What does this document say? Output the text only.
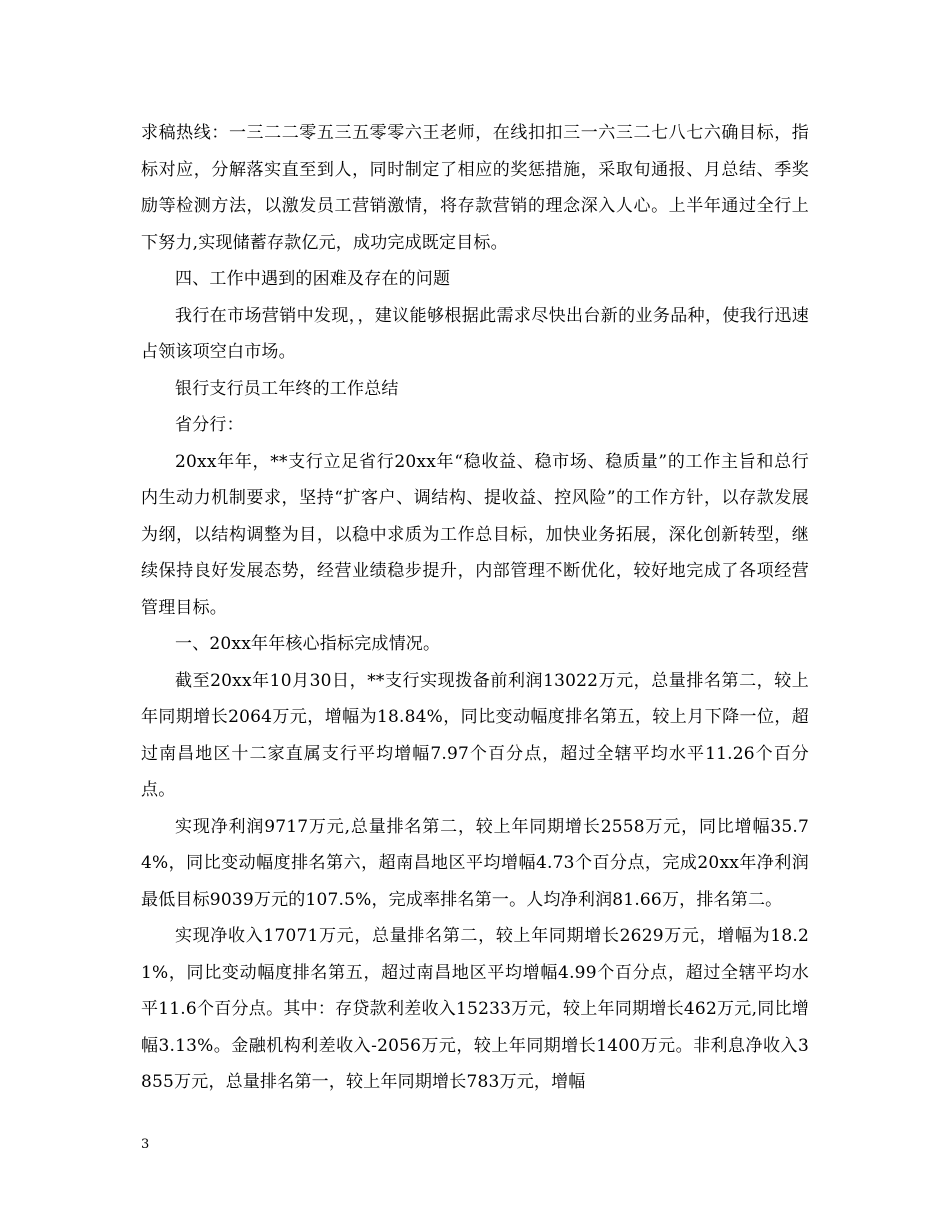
求稿热线：一三二二零五三五零零六王老师，在线扣扣三一六三二七八七六确目标，指标对应，分解落实直至到人，同时制定了相应的奖惩措施，采取旬通报、月总结、季奖励等检测方法，以激发员工营销激情，将存款营销的理念深入人心。上半年通过全行上下努力,实现储蓄存款亿元，成功完成既定目标。

四、工作中遇到的困难及存在的问题

我行在市场营销中发现，，建议能够根据此需求尽快出台新的业务品种，使我行迅速占领该项空白市场。

银行支行员工年终的工作总结

省分行：

20xx年年，**支行立足省行20xx年“稳收益、稳市场、稳质量”的工作主旨和总行内生动力机制要求，坚持“扩客户、调结构、提收益、控风险”的工作方针，以存款发展为纲，以结构调整为目，以稳中求质为工作总目标，加快业务拓展，深化创新转型，继续保持良好发展态势，经营业绩稳步提升，内部管理不断优化，较好地完成了各项经营管理目标。

一、20xx年年核心指标完成情况。

截至20xx年10月30日，**支行实现拨备前利润13022万元，总量排名第二，较上年同期增长2064万元，增幅为18.84%，同比变动幅度排名第五，较上月下降一位，超过南昌地区十二家直属支行平均增幅7.97个百分点，超过全辖平均水平11.26个百分点。

实现净利润9717万元,总量排名第二，较上年同期增长2558万元，同比增幅35.74%，同比变动幅度排名第六，超南昌地区平均增幅4.73个百分点，完成20xx年净利润最低目标9039万元的107.5%，完成率排名第一。人均净利润81.66万，排名第二。

实现净收入17071万元，总量排名第二，较上年同期增长2629万元，增幅为18.21%，同比变动幅度排名第五，超过南昌地区平均增幅4.99个百分点，超过全辖平均水平11.6个百分点。其中：存贷款利差收入15233万元，较上年同期增长462万元,同比增幅3.13%。金融机构利差收入-2056万元，较上年同期增长1400万元。非利息净收入3855万元，总量排名第一，较上年同期增长783万元，增幅

3
